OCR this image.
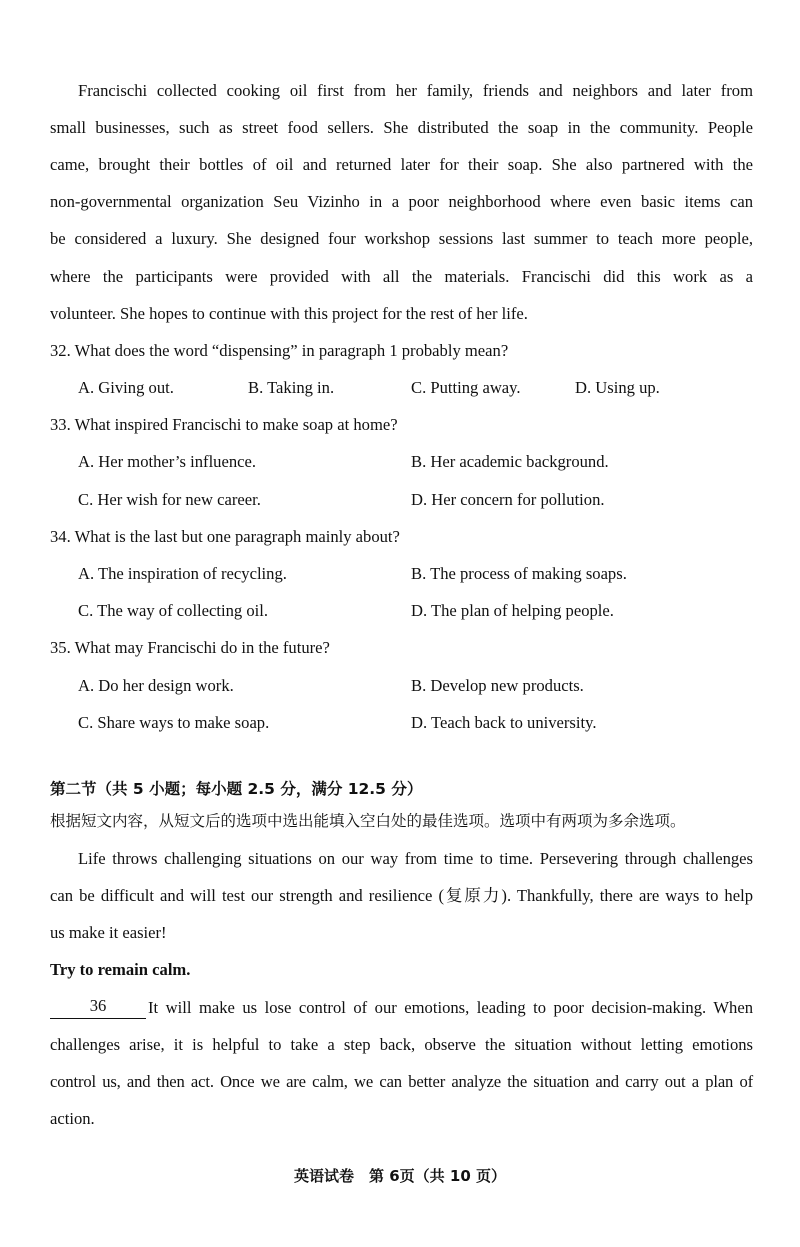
Francischi collected cooking oil first from her family, friends and neighbors and later from
small businesses, such as street food sellers. She distributed the soap in the community. People
came, brought their bottles of oil and returned later for their soap. She also partnered with the
non-governmental organization Seu Vizinho in a poor neighborhood where even basic items can
be considered a luxury. She designed four workshop sessions last summer to teach more people,
where the participants were provided with all the materials. Francischi did this work as a
volunteer. She hopes to continue with this project for the rest of her life.
32. What does the word “dispensing” in paragraph 1 probably mean?
A. Giving out.	B. Taking in.	C. Putting away.	D. Using up.
33. What inspired Francischi to make soap at home?
A. Her mother’s influence.	B. Her academic background.
C. Her wish for new career.	D. Her concern for pollution.
34. What is the last but one paragraph mainly about?
A. The inspiration of recycling.	B. The process of making soaps.
C. The way of collecting oil.	D. The plan of helping people.
35. What may Francischi do in the future?
A. Do her design work.	B. Develop new products.
C. Share ways to make soap.	D. Teach back to university.
第二节（共 5 小题；每小题 2.5 分，满分 12.5 分）
根据短文内容，从短文后的选项中选出能填入空白处的最佳选项。选项中有两项为多余选项。
Life throws challenging situations on our way from time to time. Persevering through challenges
can be difficult and will test our strength and resilience (复原力). Thankfully, there are ways to help
us make it easier!
Try to remain calm.
36	It will make us lose control of our emotions, leading to poor decision-making. When
challenges arise, it is helpful to take a step back, observe the situation without letting emotions
control us, and then act. Once we are calm, we can better analyze the situation and carry out a plan of
action.
英语试卷　第 6页（共 10 页）
